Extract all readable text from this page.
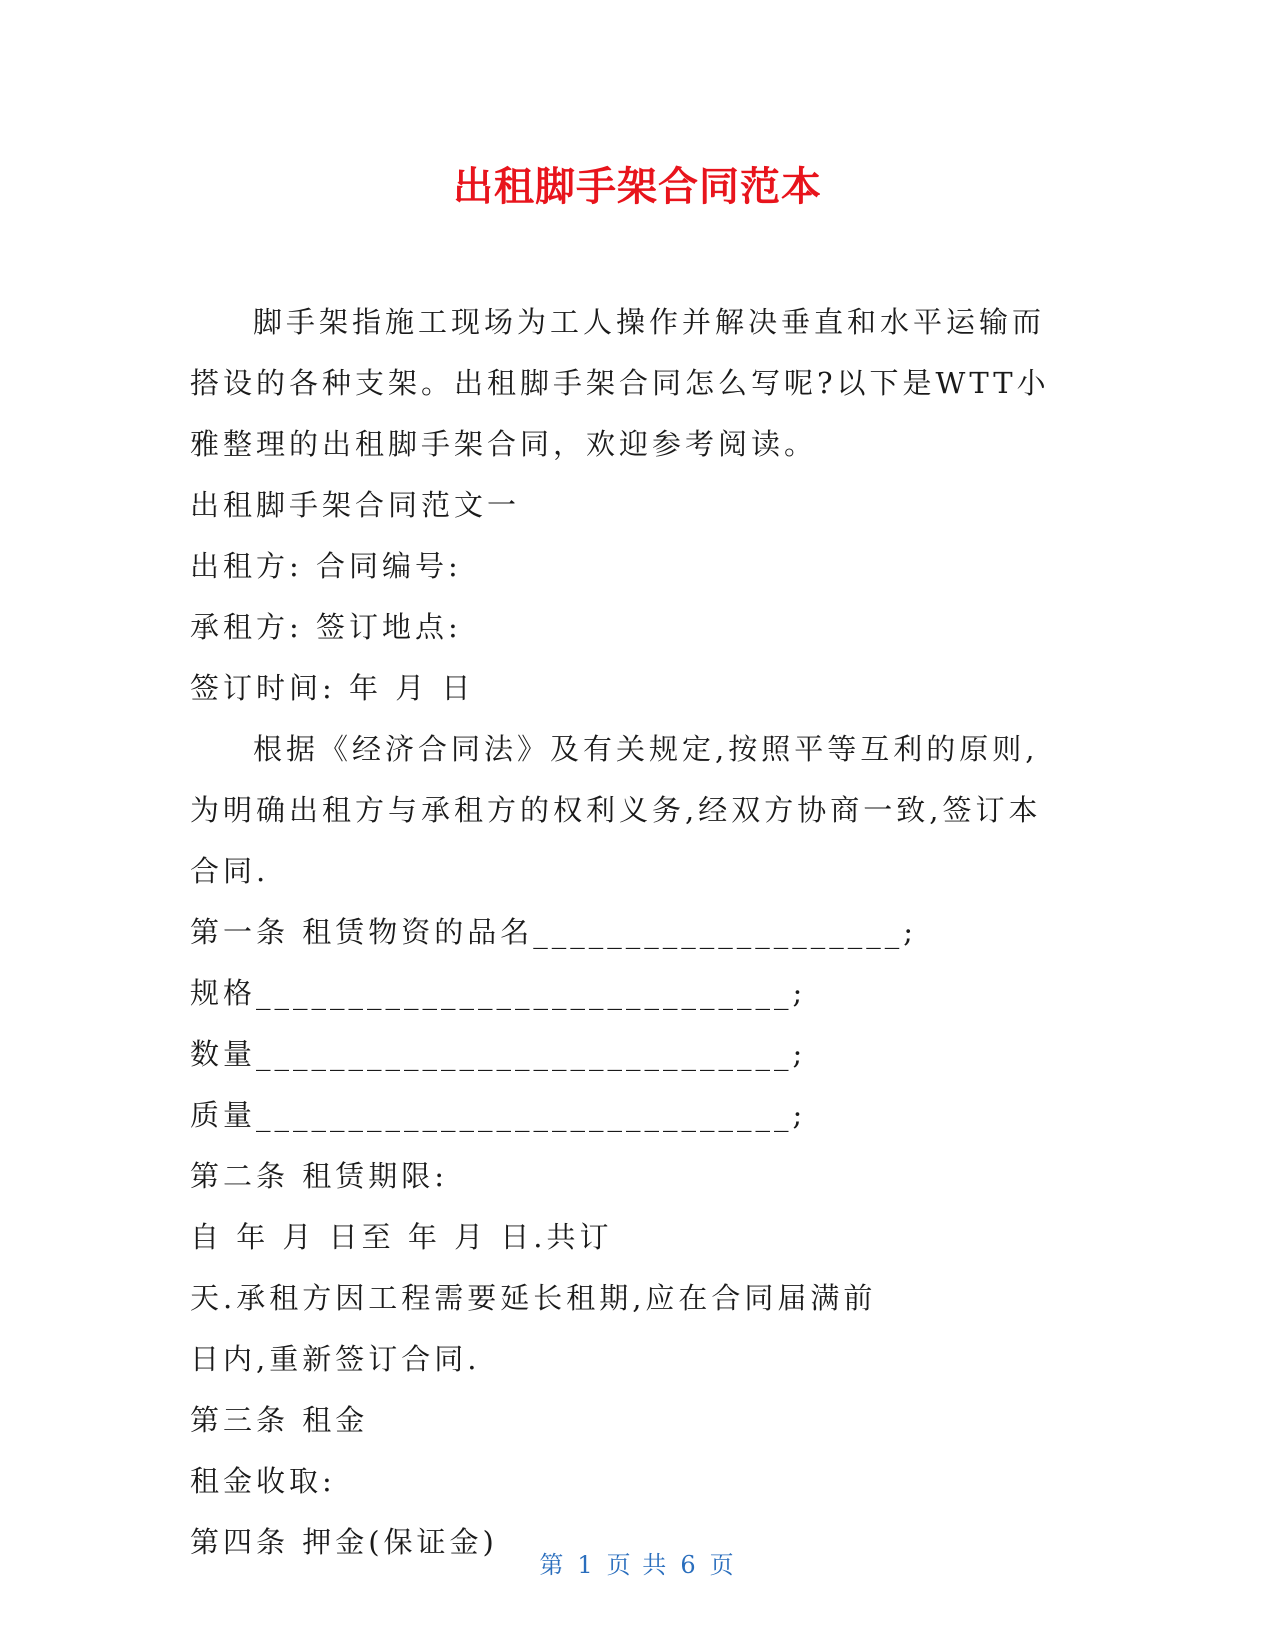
出租脚手架合同范本

脚手架指施工现场为工人操作并解决垂直和水平运输而搭设的各种支架。出租脚手架合同怎么写呢?以下是WTT小雅整理的出租脚手架合同，欢迎参考阅读。

出租脚手架合同范文一

出租方: 合同编号:

承租方: 签订地点:

签订时间: 年 月 日

根据《经济合同法》及有关规定,按照平等互利的原则,为明确出租方与承租方的权利义务,经双方协商一致,签订本合同.

第一条 租赁物资的品名____________________;

规格_____________________________;

数量_____________________________;

质量_____________________________;

第二条 租赁期限:

自 年 月 日至 年 月 日.共订

天.承租方因工程需要延长租期,应在合同届满前

日内,重新签订合同.

第三条 租金

租金收取:

第四条 押金(保证金)

第 1 页 共 6 页
